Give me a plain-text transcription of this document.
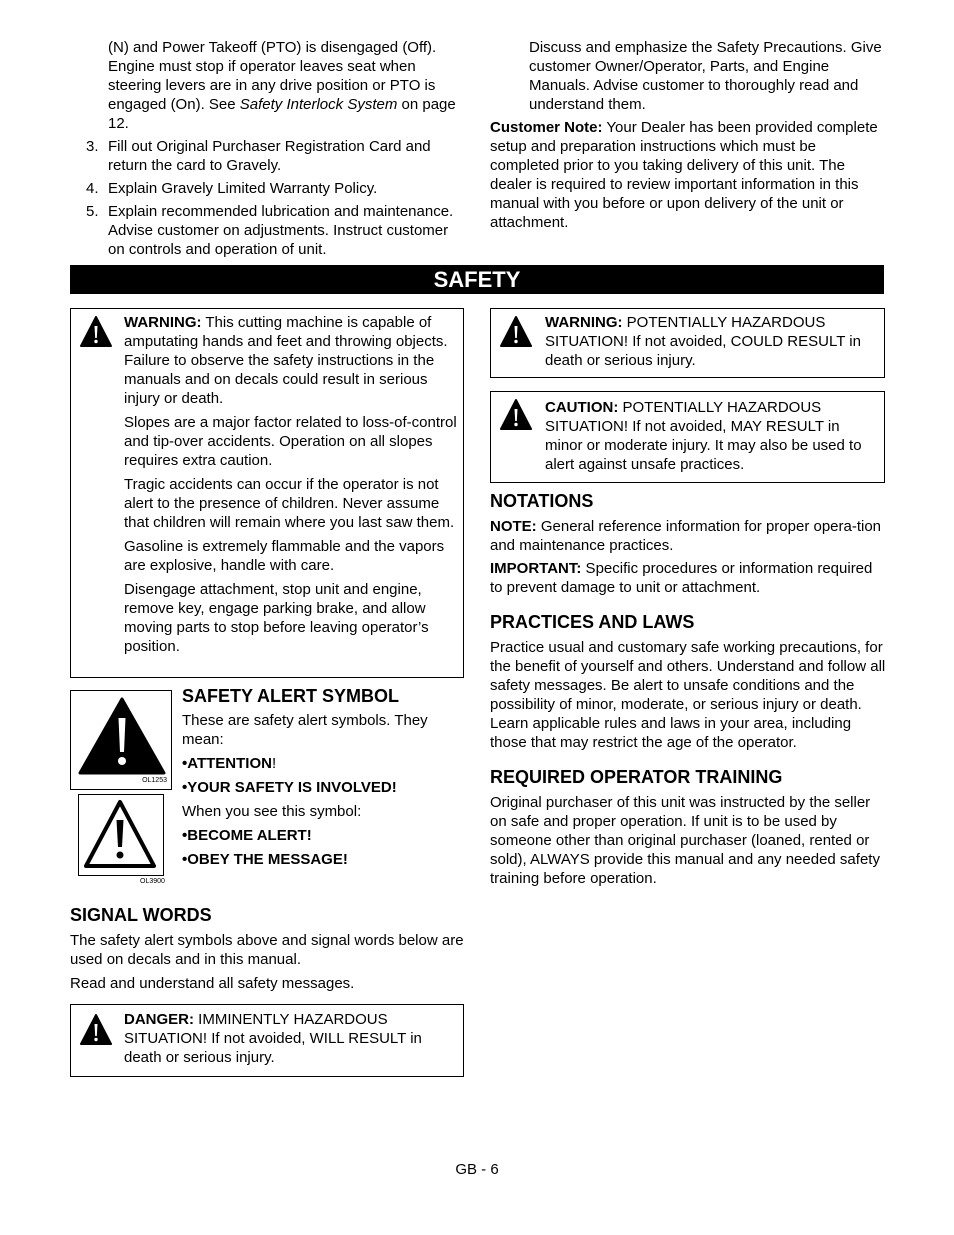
(N) and Power Takeoff (PTO) is disengaged (Off). Engine must stop if operator leaves seat when steering levers are in any drive position or PTO is engaged (On). See Safety Interlock System on page 12.

3. Fill out Original Purchaser Registration Card and return the card to Gravely.
4. Explain Gravely Limited Warranty Policy.
5. Explain recommended lubrication and maintenance. Advise customer on adjustments. Instruct customer on controls and operation of unit.

Discuss and emphasize the Safety Precautions. Give customer Owner/Operator, Parts, and Engine Manuals. Advise customer to thoroughly read and understand them.

Customer Note: Your Dealer has been provided complete setup and preparation instructions which must be completed prior to you taking delivery of this unit. The dealer is required to review important information in this manual with you before or upon delivery of the unit or attachment.

SAFETY

WARNING: This cutting machine is capable of amputating hands and feet and throwing objects. Failure to observe the safety instructions in the manuals and on decals could result in serious injury or death.

Slopes are a major factor related to loss-of-control and tip-over accidents. Operation on all slopes requires extra caution.

Tragic accidents can occur if the operator is not alert to the presence of children. Never assume that children will remain where you last saw them.

Gasoline is extremely flammable and the vapors are explosive, handle with care.

Disengage attachment, stop unit and engine, remove key, engage parking brake, and allow moving parts to stop before leaving operator’s position.

OL1253
OL3900
SAFETY ALERT SYMBOL

These are safety alert symbols. They mean:

•ATTENTION!

•YOUR SAFETY IS INVOLVED!

When you see this symbol:

•BECOME ALERT!

•OBEY THE MESSAGE!

SIGNAL WORDS

The safety alert symbols above and signal words below are used on decals and in this manual.

Read and understand all safety messages.

DANGER: IMMINENTLY HAZARDOUS SITUATION! If not avoided, WILL RESULT in death or serious injury.

WARNING: POTENTIALLY HAZARDOUS SITUATION! If not avoided, COULD RESULT in death or serious injury.

CAUTION: POTENTIALLY HAZARDOUS SITUATION! If not avoided, MAY RESULT in minor or moderate injury. It may also be used to alert against unsafe practices.

NOTATIONS

NOTE: General reference information for proper opera-tion and maintenance practices.

IMPORTANT: Specific procedures or information required to prevent damage to unit or attachment.

PRACTICES AND LAWS

Practice usual and customary safe working precautions, for the benefit of yourself and others. Understand and follow all safety messages. Be alert to unsafe conditions and the possibility of minor, moderate, or serious injury or death. Learn applicable rules and laws in your area, including those that may restrict the age of the operator.

REQUIRED OPERATOR TRAINING

Original purchaser of this unit was instructed by the seller on safe and proper operation. If unit is to be used by someone other than original purchaser (loaned, rented or sold), ALWAYS provide this manual and any needed safety training before operation.

GB - 6
